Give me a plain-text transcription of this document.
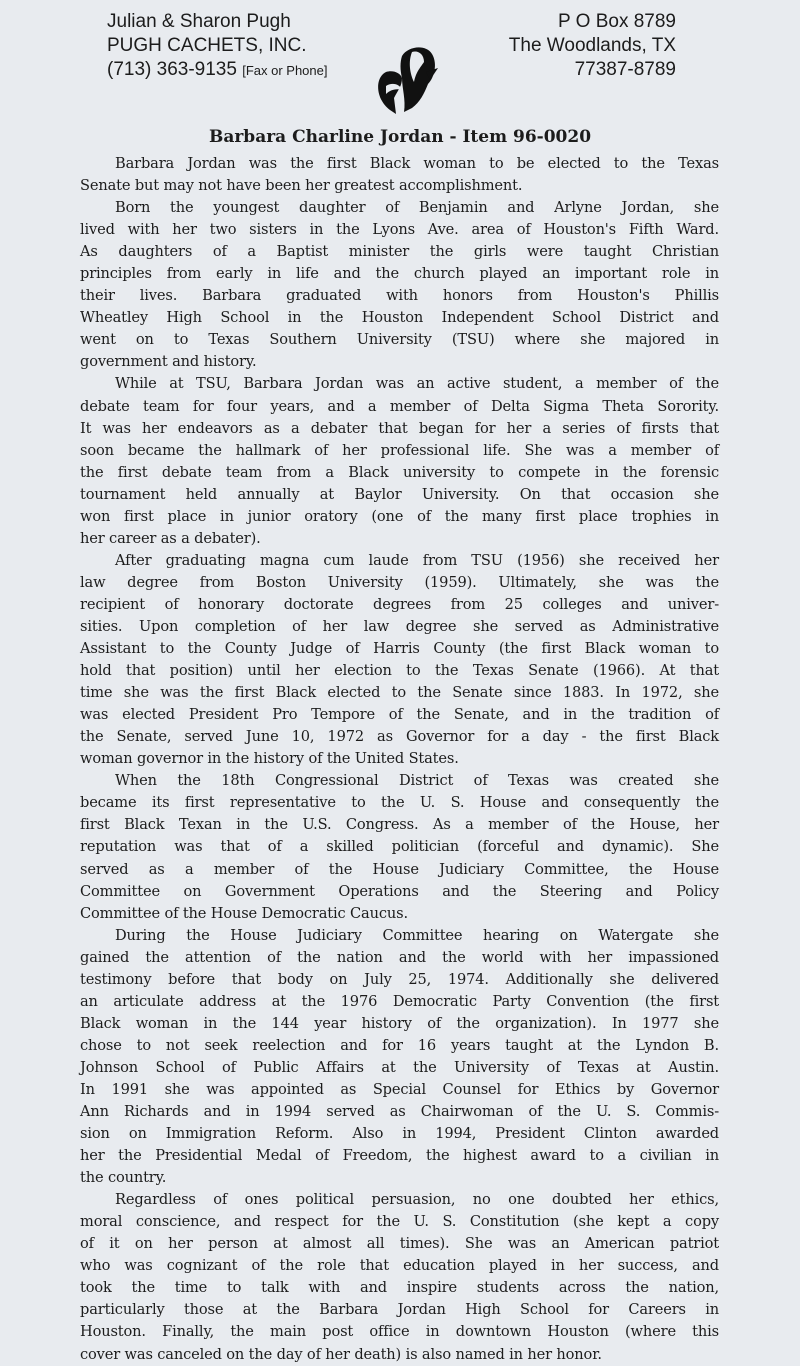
Julian & Sharon Pugh
PUGH CACHETS, INC.
(713) 363-9135 [Fax or Phone]
P O Box 8789
The Woodlands, TX
77387-8789
Barbara Charline Jordan - Item 96-0020
Barbara Jordan was the first Black woman to be elected to the Texas
Senate but may not have been her greatest accomplishment.
Born the youngest daughter of Benjamin and Arlyne Jordan, she
lived with her two sisters in the Lyons Ave. area of Houston's Fifth Ward.
As daughters of a Baptist minister the girls were taught Christian
principles from early in life and the church played an important role in
their lives. Barbara graduated with honors from Houston's Phillis
Wheatley High School in the Houston Independent School District and
went on to Texas Southern University (TSU) where she majored in
government and history.
While at TSU, Barbara Jordan was an active student, a member of the
debate team for four years, and a member of Delta Sigma Theta Sorority.
It was her endeavors as a debater that began for her a series of firsts that
soon became the hallmark of her professional life. She was a member of
the first debate team from a Black university to compete in the forensic
tournament held annually at Baylor University. On that occasion she
won first place in junior oratory (one of the many first place trophies in
her career as a debater).
After graduating magna cum laude from TSU (1956) she received her
law degree from Boston University (1959). Ultimately, she was the
recipient of honorary doctorate degrees from 25 colleges and univer-
sities. Upon completion of her law degree she served as Administrative
Assistant to the County Judge of Harris County (the first Black woman to
hold that position) until her election to the Texas Senate (1966). At that
time she was the first Black elected to the Senate since 1883. In 1972, she
was elected President Pro Tempore of the Senate, and in the tradition of
the Senate, served June 10, 1972 as Governor for a day - the first Black
woman governor in the history of the United States.
When the 18th Congressional District of Texas was created she
became its first representative to the U. S. House and consequently the
first Black Texan in the U.S. Congress. As a member of the House, her
reputation was that of a skilled politician (forceful and dynamic). She
served as a member of the House Judiciary Committee, the House
Committee on Government Operations and the Steering and Policy
Committee of the House Democratic Caucus.
During the House Judiciary Committee hearing on Watergate she
gained the attention of the nation and the world with her impassioned
testimony before that body on July 25, 1974. Additionally she delivered
an articulate address at the 1976 Democratic Party Convention (the first
Black woman in the 144 year history of the organization). In 1977 she
chose to not seek reelection and for 16 years taught at the Lyndon B.
Johnson School of Public Affairs at the University of Texas at Austin.
In 1991 she was appointed as Special Counsel for Ethics by Governor
Ann Richards and in 1994 served as Chairwoman of the U. S. Commis-
sion on Immigration Reform. Also in 1994, President Clinton awarded
her the Presidential Medal of Freedom, the highest award to a civilian in
the country.
Regardless of ones political persuasion, no one doubted her ethics,
moral conscience, and respect for the U. S. Constitution (she kept a copy
of it on her person at almost all times). She was an American patriot
who was cognizant of the role that education played in her success, and
took the time to talk with and inspire students across the nation,
particularly those at the Barbara Jordan High School for Careers in
Houston. Finally, the main post office in downtown Houston (where this
cover was canceled on the day of her death) is also named in her honor.
